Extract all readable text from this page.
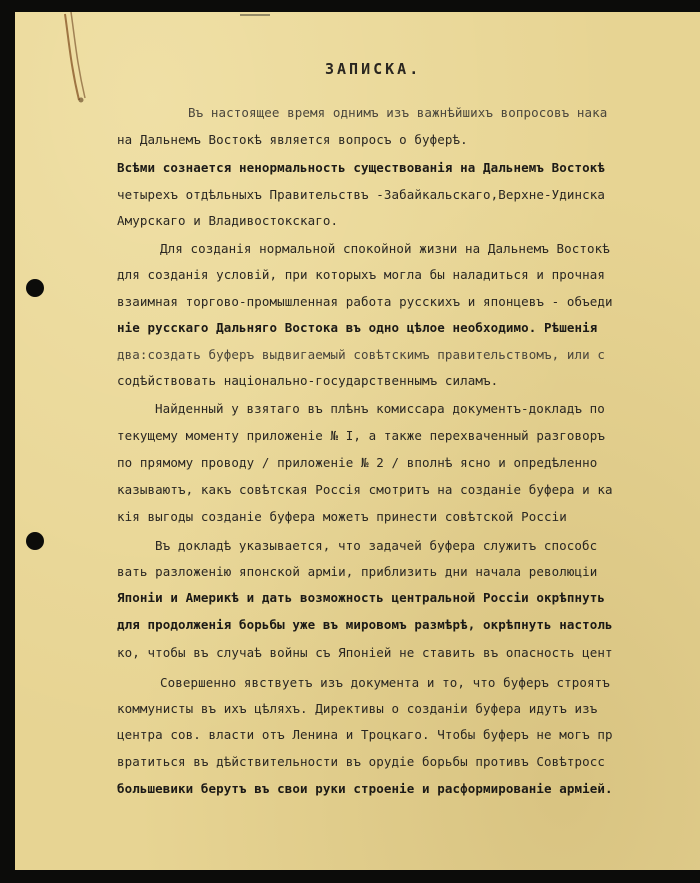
ЗАПИСКА.
Въ настоящее время однимъ изъ важнѣйшихъ вопросовъ нака
на Дальнемъ Востокѣ является вопросъ о буферѣ.
Всѣми сознается ненормальность существованія на Дальнемъ Востокѣ
четырехъ отдѣльныхъ Правительствъ -Забайкальскаго,Верхне-Удинска
Амурскаго и Владивостокскаго.
Для созданія нормальной спокойной жизни на Дальнемъ Востокѣ
для созданія условій, при которыхъ могла бы наладиться и прочная
взаимная торгово-промышленная работа русскихъ и японцевъ - объеди
ніе русскаго Дальняго Востока въ одно цѣлое необходимо. Рѣшенія
два:создать буферъ выдвигаемый совѣтскимъ правительствомъ, или с
содѣйствовать національно-государственнымъ силамъ.
Найденный у взятаго въ плѣнъ комиссара документъ-докладъ по
текущему моменту приложеніе № I, а также перехваченный разговоръ
по прямому проводу / приложеніе № 2 / вполнѣ ясно и опредѣленно
казываютъ, какъ совѣтская Россія смотритъ на созданіе буфера и ка
кія выгоды созданіе буфера можетъ принести совѣтской Россіи
Въ докладѣ указывается, что задачей буфера служитъ способс
вать разложенію японской арміи, приблизить дни начала революціи
Японіи и Америкѣ и дать возможность центральной Россіи окрѣпнуть
для продолженія борьбы уже въ мировомъ размѣрѣ, окрѣпнуть настоль
ко, чтобы въ случаѣ войны съ Японіей не ставить въ опасность цент
Совершенно явствуетъ изъ документа и то, что буферъ строятъ
коммунисты въ ихъ цѣляхъ. Директивы о созданіи буфера идутъ изъ
центра сов. власти отъ Ленина и Троцкаго. Чтобы буферъ не могъ пр
вратиться въ дѣйствительности въ орудіе борьбы противъ Совѣтросс
большевики берутъ въ свои руки строеніе и расформированіе арміей.
